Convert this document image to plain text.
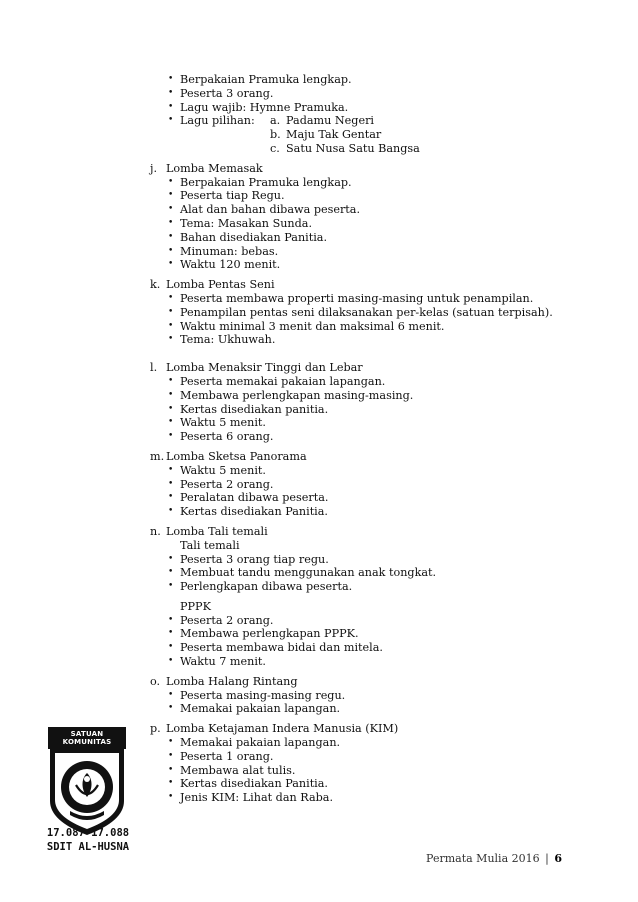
• Berpakaian Pramuka lengkap.
• Peserta 3 orang.
• Lagu wajib: Hymne Pramuka.
• Lagu pilihan:	a. Padamu Negeri
b. Maju Tak Gentar
c. Satu Nusa Satu Bangsa
j. Lomba Memasak
• Berpakaian Pramuka lengkap.
• Peserta tiap Regu.
• Alat dan bahan dibawa peserta.
• Tema: Masakan Sunda.
• Bahan disediakan Panitia.
• Minuman: bebas.
• Waktu 120 menit.
k. Lomba Pentas Seni
• Peserta membawa properti masing-masing untuk penampilan.
• Penampilan pentas seni dilaksanakan per-kelas (satuan terpisah).
• Waktu minimal 3 menit dan maksimal 6 menit.
• Tema: Ukhuwah.
l. Lomba Menaksir Tinggi dan Lebar
• Peserta memakai pakaian lapangan.
• Membawa perlengkapan masing-masing.
• Kertas disediakan panitia.
• Waktu 5 menit.
• Peserta 6 orang.
m. Lomba Sketsa Panorama
• Waktu 5 menit.
• Peserta 2 orang.
• Peralatan dibawa peserta.
• Kertas disediakan Panitia.
n. Lomba Tali temali
Tali temali
• Peserta 3 orang tiap regu.
• Membuat tandu menggunakan anak tongkat.
• Perlengkapan dibawa peserta.
PPPK
• Peserta 2 orang.
• Membawa perlengkapan PPPK.
• Peserta membawa bidai dan mitela.
• Waktu 7 menit.
o. Lomba Halang Rintang
• Peserta masing-masing regu.
• Memakai pakaian lapangan.
p. Lomba Ketajaman Indera Manusia (KIM)
• Memakai pakaian lapangan.
• Peserta 1 orang.
• Membawa alat tulis.
• Kertas disediakan Panitia.
• Jenis KIM: Lihat dan Raba.
SATUAN KOMUNITAS
17.087–17.088
SDIT AL-HUSNA
Permata Mulia 2016 | 6
